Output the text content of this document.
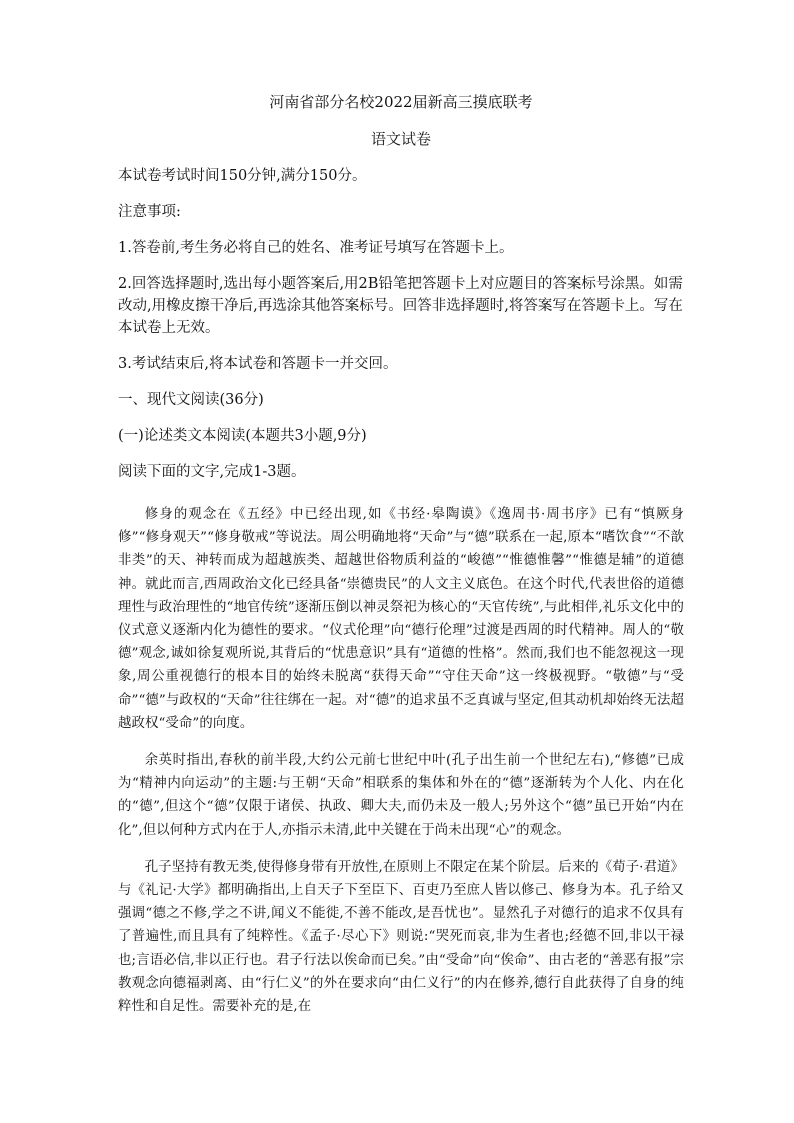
河南省部分名校2022届新高三摸底联考
语文试卷
本试卷考试时间150分钟,满分150分。
注意事项:
1.答卷前,考生务必将自己的姓名、准考证号填写在答题卡上。
2.回答选择题时,选出每小题答案后,用2B铅笔把答题卡上对应题目的答案标号涂黑。如需改动,用橡皮擦干净后,再选涂其他答案标号。回答非选择题时,将答案写在答题卡上。写在本试卷上无效。
3.考试结束后,将本试卷和答题卡一并交回。
一、现代文阅读(36分)
(一)论述类文本阅读(本题共3小题,9分)
阅读下面的文字,完成1-3题。

修身的观念在《五经》中已经出现,如《书经·皋陶谟》《逸周书·周书序》已有“慎厥身修”“修身观天”“修身敬戒”等说法。周公明确地将“天命”与“德”联系在一起,原本“嗜饮食”“不歆非类”的天、神转而成为超越族类、超越世俗物质利益的“峻德”“惟德惟馨”“惟德是辅”的道德神。就此而言,西周政治文化已经具备“崇德贵民”的人文主义底色。在这个时代,代表世俗的道德理性与政治理性的“地官传统”逐渐压倒以神灵祭祀为核心的“天官传统”,与此相伴,礼乐文化中的仪式意义逐渐内化为德性的要求。“仪式伦理”向“德行伦理”过渡是西周的时代精神。周人的“敬德”观念,诚如徐复观所说,其背后的“忧患意识”具有“道德的性格”。然而,我们也不能忽视这一现象,周公重视德行的根本目的始终未脱离“获得天命”“守住天命”这一终极视野。“敬德”与“受命”“德”与政权的“天命”往往绑在一起。对“德”的追求虽不乏真诚与坚定,但其动机却始终无法超越政权“受命”的向度。

余英时指出,春秋的前半段,大约公元前七世纪中叶(孔子出生前一个世纪左右),“修德”已成为“精神内向运动”的主题:与王朝“天命”相联系的集体和外在的“德”逐渐转为个人化、内在化的“德”,但这个“德”仅限于诸侯、执政、卿大夫,而仍未及一般人;另外这个“德”虽已开始“内在化”,但以何种方式内在于人,亦指示未清,此中关键在于尚未出现“心”的观念。

孔子坚持有教无类,使得修身带有开放性,在原则上不限定在某个阶层。后来的《荀子·君道》与《礼记·大学》都明确指出,上自天子下至臣下、百吏乃至庶人皆以修己、修身为本。孔子给又强调“德之不修,学之不讲,闻义不能徙,不善不能改,是吾忧也”。显然孔子对德行的追求不仅具有了普遍性,而且具有了纯粹性。《孟子·尽心下》则说:“哭死而哀,非为生者也;经德不回,非以干禄也;言语必信,非以正行也。君子行法以俟命而已矣。”由“受命”向“俟命”、由古老的“善恶有报”宗教观念向德福剥离、由“行仁义”的外在要求向“由仁义行”的内在修养,德行自此获得了自身的纯粹性和自足性。需要补充的是,在
